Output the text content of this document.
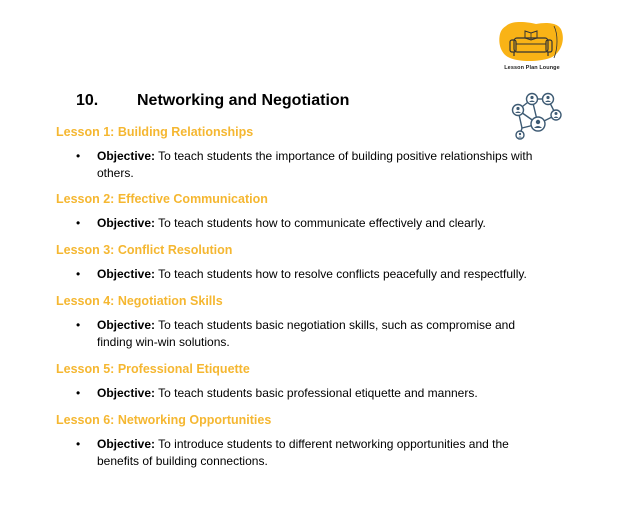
Lesson Plan Lounge
10. Networking and Negotiation
Lesson 1: Building Relationships
• Objective: To teach students the importance of building positive relationships with others.
Lesson 2: Effective Communication
• Objective: To teach students how to communicate effectively and clearly.
Lesson 3: Conflict Resolution
• Objective: To teach students how to resolve conflicts peacefully and respectfully.
Lesson 4: Negotiation Skills
• Objective: To teach students basic negotiation skills, such as compromise and finding win-win solutions.
Lesson 5: Professional Etiquette
• Objective: To teach students basic professional etiquette and manners.
Lesson 6: Networking Opportunities
• Objective: To introduce students to different networking opportunities and the benefits of building connections.
